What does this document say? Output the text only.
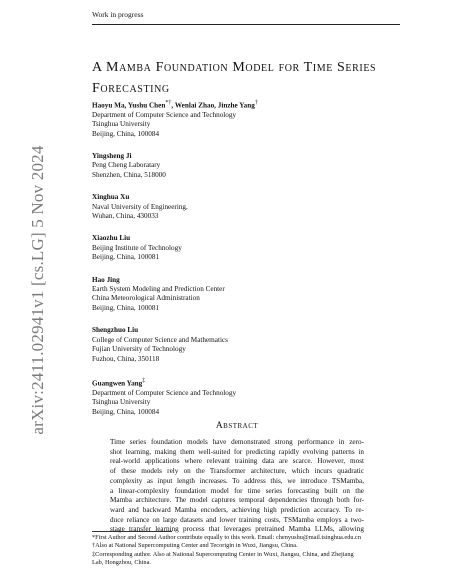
Work in progress
arXiv:2411.02941v1 [cs.LG] 5 Nov 2024
A Mamba Foundation Model for Time Series
Forecasting
Haoyu Ma, Yushu Chen*†, Wenlai Zhao, Jinzhe Yang†
Department of Computer Science and Technology
Tsinghua University
Beijing, China, 100084
Yingsheng Ji
Peng Cheng Laboratary
Shenzhen, China, 518000
Xinghua Xu
Naval University of Engineering,
Wuhan, China, 430033
Xiaozhu Liu
Beijing Institute of Technology
Beijing, China, 100081
Hao Jing
Earth System Modeling and Prediction Center
China Meteorological Administration
Beijing, China, 100081
Shengzhuo Liu
College of Computer Science and Mathematics
Fujian University of Technology
Fuzhou, China, 350118
Guangwen Yang‡
Department of Computer Science and Technology
Tsinghua University
Beijing, China, 100084
Abstract
Time series foundation models have demonstrated strong performance in zero-
shot learning, making them well-suited for predicting rapidly evolving patterns in
real-world applications where relevant training data are scarce. However, most
of these models rely on the Transformer architecture, which incurs quadratic
complexity as input length increases. To address this, we introduce TSMamba,
a linear-complexity foundation model for time series forecasting built on the
Mamba architecture. The model captures temporal dependencies through both for-
ward and backward Mamba encoders, achieving high prediction accuracy. To re-
duce reliance on large datasets and lower training costs, TSMamba employs a two-
stage transfer learning process that leverages pretrained Mamba LLMs, allowing
*First Author and Second Author contribute equally to this work. Email: chenyushu@mail.tsinghua.edu.cn
†Also at National Supercomputing Center and Tecorigin in Wuxi, Jiangsu, China.
‡Corresponding author. Also at National Supercomputing Center in Wuxi, Jiangsu, China, and Zhejiang
Lab, Hongzhou, China.
